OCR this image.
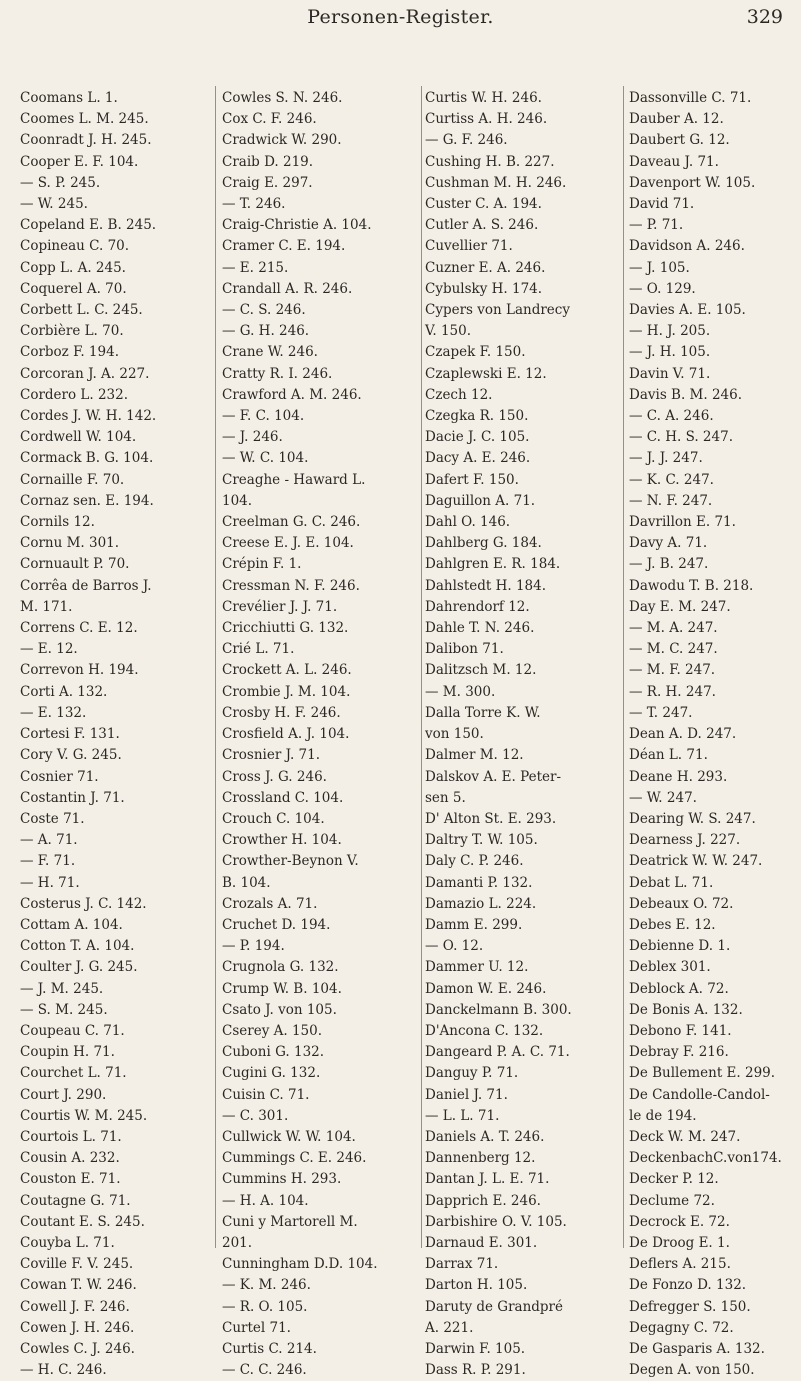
Personen-Register.	329
Coomans L. 1.
Coomes L. M. 245.
Coonradt J. H. 245.
Cooper E. F. 104.
— S. P. 245.
— W. 245.
Copeland E. B. 245.
Copineau C. 70.
Copp L. A. 245.
Coquerel A. 70.
Corbett L. C. 245.
Corbière L. 70.
Corboz F. 194.
Corcoran J. A. 227.
Cordero L. 232.
Cordes J. W. H. 142.
Cordwell W. 104.
Cormack B. G. 104.
Cornaille F. 70.
Cornaz sen. E. 194.
Cornils 12.
Cornu M. 301.
Cornuault P. 70.
Corrêa de Barros J.
M. 171.
Correns C. E. 12.
— E. 12.
Correvon H. 194.
Corti A. 132.
— E. 132.
Cortesi F. 131.
Cory V. G. 245.
Cosnier 71.
Costantin J. 71.
Coste 71.
— A. 71.
— F. 71.
— H. 71.
Costerus J. C. 142.
Cottam A. 104.
Cotton T. A. 104.
Coulter J. G. 245.
— J. M. 245.
— S. M. 245.
Coupeau C. 71.
Coupin H. 71.
Courchet L. 71.
Court J. 290.
Courtis W. M. 245.
Courtois L. 71.
Cousin A. 232.
Couston E. 71.
Coutagne G. 71.
Coutant E. S. 245.
Couyba L. 71.
Coville F. V. 245.
Cowan T. W. 246.
Cowell J. F. 246.
Cowen J. H. 246.
Cowles C. J. 246.
— H. C. 246.
Cowles S. N. 246.
Cox C. F. 246.
Cradwick W. 290.
Craib D. 219.
Craig E. 297.
— T. 246.
Craig-Christie A. 104.
Cramer C. E. 194.
— E. 215.
Crandall A. R. 246.
— C. S. 246.
— G. H. 246.
Crane W. 246.
Cratty R. I. 246.
Crawford A. M. 246.
— F. C. 104.
— J. 246.
— W. C. 104.
Creaghe - Haward L.
104.
Creelman G. C. 246.
Creese E. J. E. 104.
Crépin F. 1.
Cressman N. F. 246.
Crevélier J. J. 71.
Cricchiutti G. 132.
Crié L. 71.
Crockett A. L. 246.
Crombie J. M. 104.
Crosby H. F. 246.
Crosfield A. J. 104.
Crosnier J. 71.
Cross J. G. 246.
Crossland C. 104.
Crouch C. 104.
Crowther H. 104.
Crowther-Beynon V.
B. 104.
Crozals A. 71.
Cruchet D. 194.
— P. 194.
Crugnola G. 132.
Crump W. B. 104.
Csato J. von 105.
Cserey A. 150.
Cuboni G. 132.
Cugini G. 132.
Cuisin C. 71.
— C. 301.
Cullwick W. W. 104.
Cummings C. E. 246.
Cummins H. 293.
— H. A. 104.
Cuni y Martorell M.
201.
Cunningham D.D. 104.
— K. M. 246.
— R. O. 105.
Curtel 71.
Curtis C. 214.
— C. C. 246.
Curtis W. H. 246.
Curtiss A. H. 246.
— G. F. 246.
Cushing H. B. 227.
Cushman M. H. 246.
Custer C. A. 194.
Cutler A. S. 246.
Cuvellier 71.
Cuzner E. A. 246.
Cybulsky H. 174.
Cypers von Landrecy
V. 150.
Czapek F. 150.
Czaplewski E. 12.
Czech 12.
Czegka R. 150.
Dacie J. C. 105.
Dacy A. E. 246.
Dafert F. 150.
Daguillon A. 71.
Dahl O. 146.
Dahlberg G. 184.
Dahlgren E. R. 184.
Dahlstedt H. 184.
Dahrendorf 12.
Dahle T. N. 246.
Dalibon 71.
Dalitzsch M. 12.
— M. 300.
Dalla Torre K. W.
von 150.
Dalmer M. 12.
Dalskov A. E. Peter-
sen 5.
D' Alton St. E. 293.
Daltry T. W. 105.
Daly C. P. 246.
Damanti P. 132.
Damazio L. 224.
Damm E. 299.
— O. 12.
Dammer U. 12.
Damon W. E. 246.
Danckelmann B. 300.
D'Ancona C. 132.
Dangeard P. A. C. 71.
Danguy P. 71.
Daniel J. 71.
— L. L. 71.
Daniels A. T. 246.
Dannenberg 12.
Dantan J. L. E. 71.
Dapprich E. 246.
Darbishire O. V. 105.
Darnaud E. 301.
Darrax 71.
Darton H. 105.
Daruty de Grandpré
A. 221.
Darwin F. 105.
Dass R. P. 291.
Dassonville C. 71.
Dauber A. 12.
Daubert G. 12.
Daveau J. 71.
Davenport W. 105.
David 71.
— P. 71.
Davidson A. 246.
— J. 105.
— O. 129.
Davies A. E. 105.
— H. J. 205.
— J. H. 105.
Davin V. 71.
Davis B. M. 246.
— C. A. 246.
— C. H. S. 247.
— J. J. 247.
— K. C. 247.
— N. F. 247.
Davrillon E. 71.
Davy A. 71.
— J. B. 247.
Dawodu T. B. 218.
Day E. M. 247.
— M. A. 247.
— M. C. 247.
— M. F. 247.
— R. H. 247.
— T. 247.
Dean A. D. 247.
Déan L. 71.
Deane H. 293.
— W. 247.
Dearing W. S. 247.
Dearness J. 227.
Deatrick W. W. 247.
Debat L. 71.
Debeaux O. 72.
Debes E. 12.
Debienne D. 1.
Deblex 301.
Deblock A. 72.
De Bonis A. 132.
Debono F. 141.
Debray F. 216.
De Bullement E. 299.
De Candolle-Candol-
le de 194.
Deck W. M. 247.
DeckenbachC.von174.
Decker P. 12.
Declume 72.
Decrock E. 72.
De Droog E. 1.
Deflers A. 215.
De Fonzo D. 132.
Defregger S. 150.
Degagny C. 72.
De Gasparis A. 132.
Degen A. von 150.
